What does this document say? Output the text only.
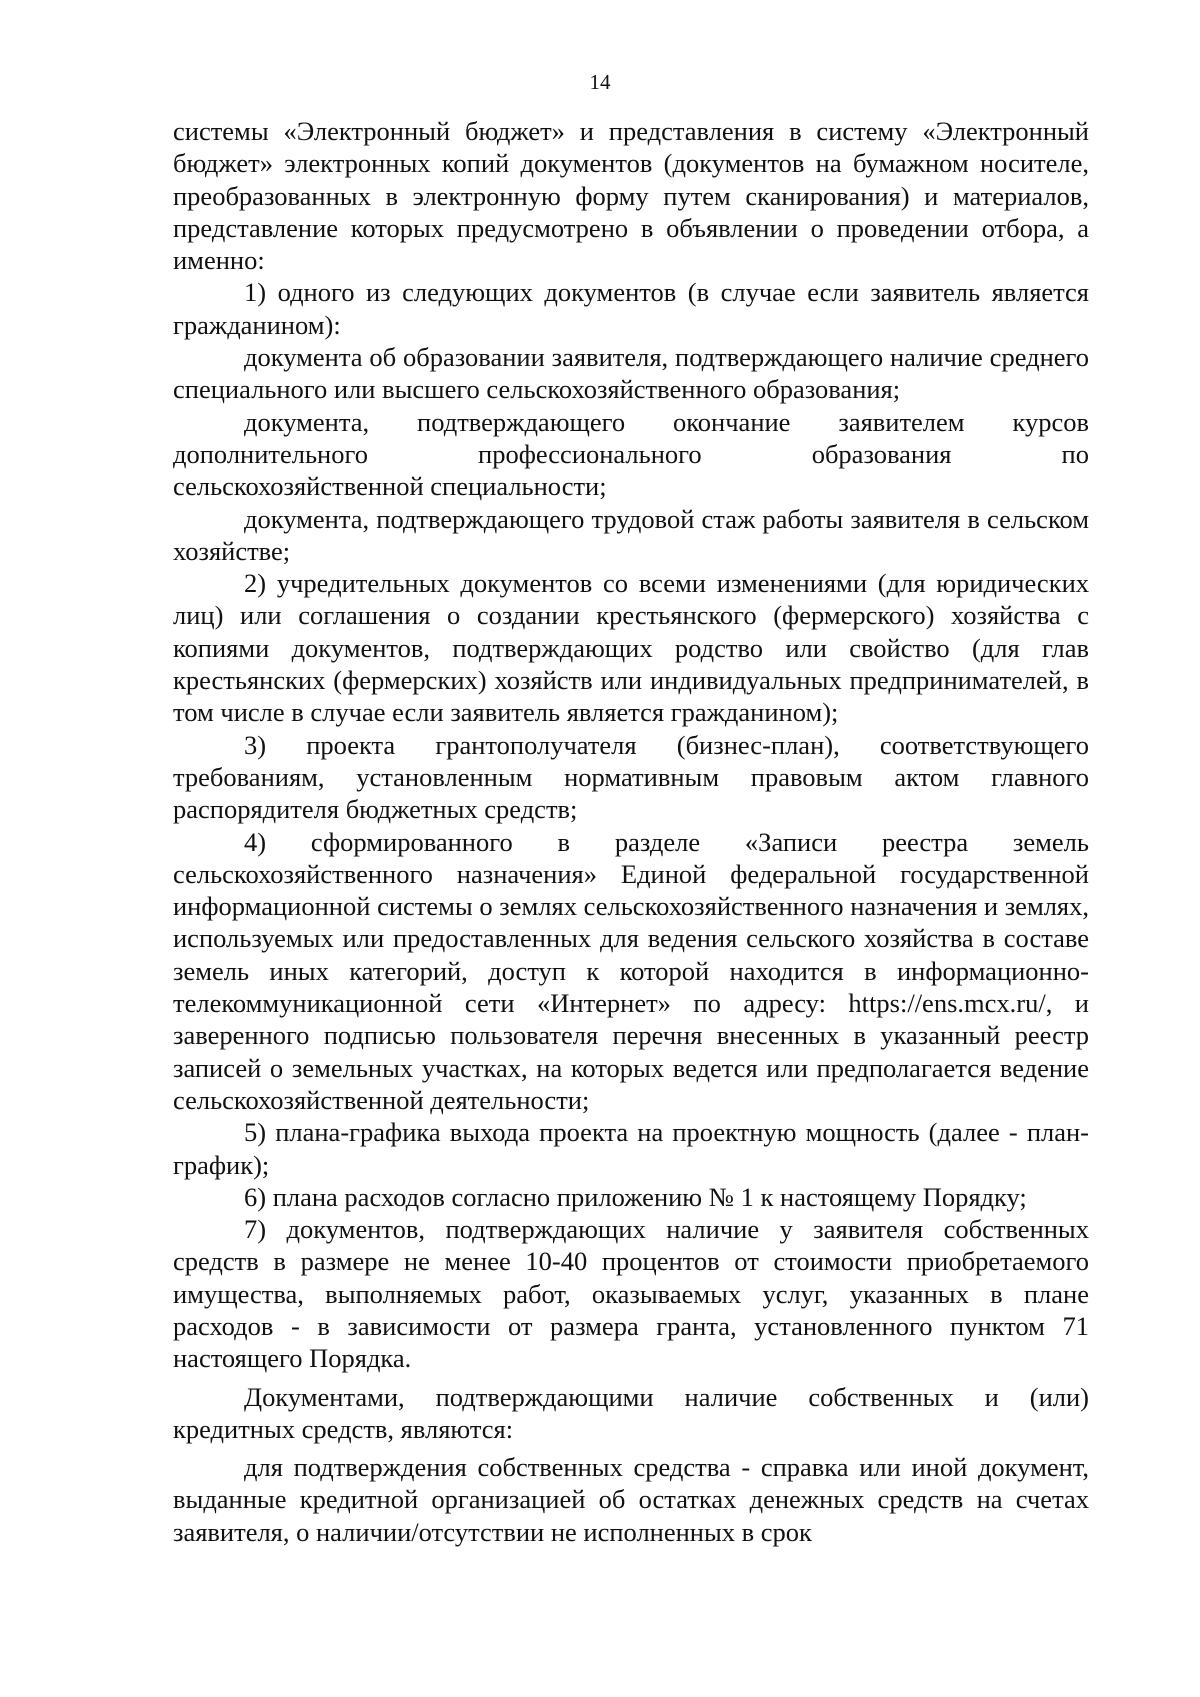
14

системы «Электронный бюджет» и представления в систему «Электронный бюджет» электронных копий документов (документов на бумажном носителе, преобразованных в электронную форму путем сканирования) и материалов, представление которых предусмотрено в объявлении о проведении отбора, а именно:

1) одного из следующих документов (в случае если заявитель является гражданином):

документа об образовании заявителя, подтверждающего наличие среднего специального или высшего сельскохозяйственного образования;

документа, подтверждающего окончание заявителем курсов

дополнительного профессионального образования по

сельскохозяйственной специальности;

документа, подтверждающего трудовой стаж работы заявителя в сельском хозяйстве;

2) учредительных документов со всеми изменениями (для юридических лиц) или соглашения о создании крестьянского (фермерского) хозяйства с копиями документов, подтверждающих родство или свойство (для глав крестьянских (фермерских) хозяйств или индивидуальных предпринимателей, в том числе в случае если заявитель является гражданином);

3) проекта грантополучателя (бизнес-план), соответствующего требованиям, установленным нормативным правовым актом главного распорядителя бюджетных средств;

4) сформированного в разделе «Записи реестра земель сельскохозяйственного назначения» Единой федеральной государственной информационной системы о землях сельскохозяйственного назначения и землях, используемых или предоставленных для ведения сельского хозяйства в составе земель иных категорий, доступ к которой находится в информационно-телекоммуникационной сети «Интернет» по адресу: https://ens.mcx.ru/, и заверенного подписью пользователя перечня внесенных в указанный реестр записей о земельных участках, на которых ведется или предполагается ведение сельскохозяйственной деятельности;

5) плана-графика выхода проекта на проектную мощность (далее - план-график);

6) плана расходов согласно приложению № 1 к настоящему Порядку;

7) документов, подтверждающих наличие у заявителя собственных средств в размере не менее 10-40 процентов от стоимости приобретаемого имущества, выполняемых работ, оказываемых услуг, указанных в плане расходов - в зависимости от размера гранта, установленного пунктом 71 настоящего Порядка.

Документами, подтверждающими наличие собственных и (или) кредитных средств, являются:

для подтверждения собственных средства - справка или иной документ, выданные кредитной организацией об остатках денежных средств на счетах заявителя, о наличии/отсутствии не исполненных в срок
